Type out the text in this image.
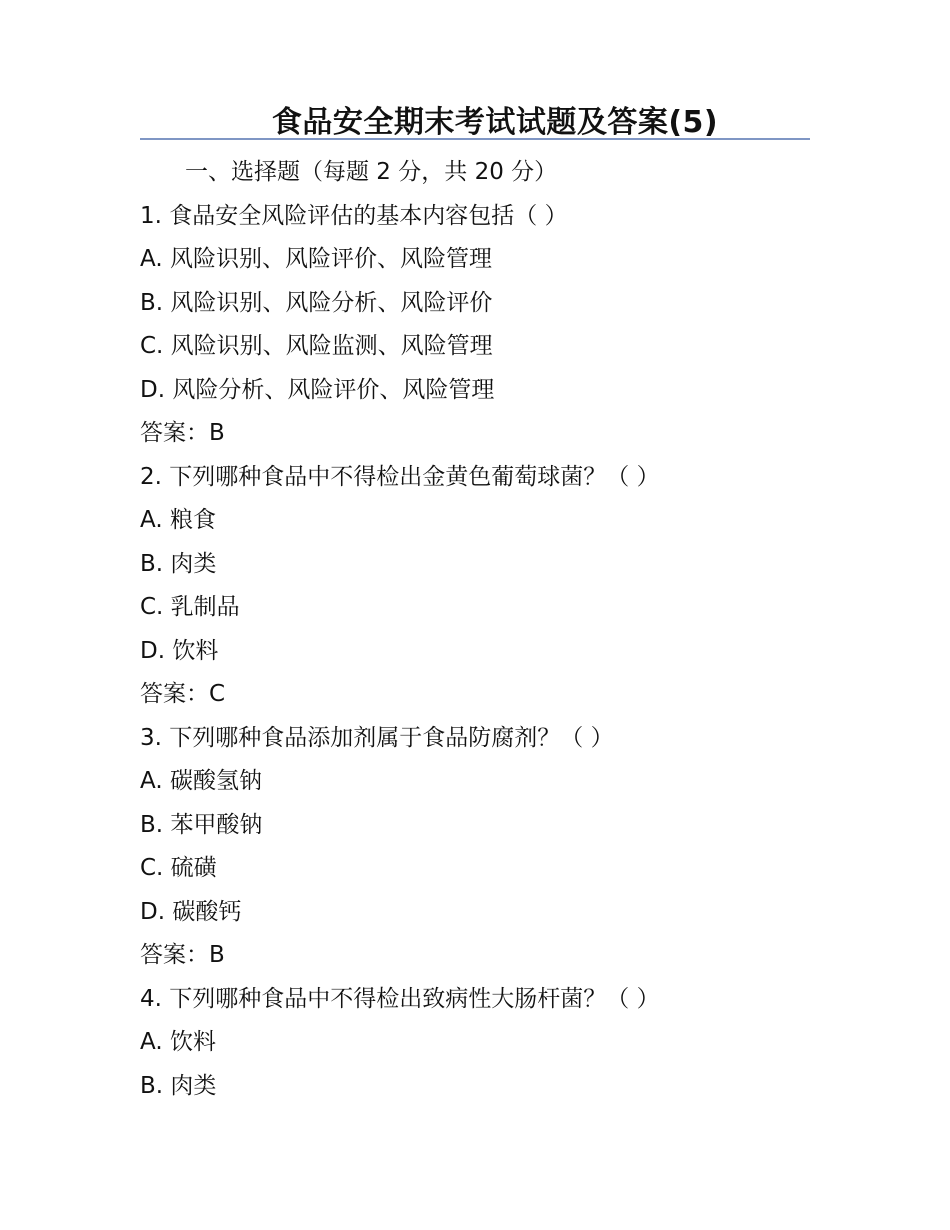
食品安全期末考试试题及答案(5)
一、选择题（每题 2 分，共 20 分）
1. 食品安全风险评估的基本内容包括（ ）
A. 风险识别、风险评价、风险管理
B. 风险识别、风险分析、风险评价
C. 风险识别、风险监测、风险管理
D. 风险分析、风险评价、风险管理
答案：B
2. 下列哪种食品中不得检出金黄色葡萄球菌？（ ）
A. 粮食
B. 肉类
C. 乳制品
D. 饮料
答案：C
3. 下列哪种食品添加剂属于食品防腐剂？（ ）
A. 碳酸氢钠
B. 苯甲酸钠
C. 硫磺
D. 碳酸钙
答案：B
4. 下列哪种食品中不得检出致病性大肠杆菌？（ ）
A. 饮料
B. 肉类
